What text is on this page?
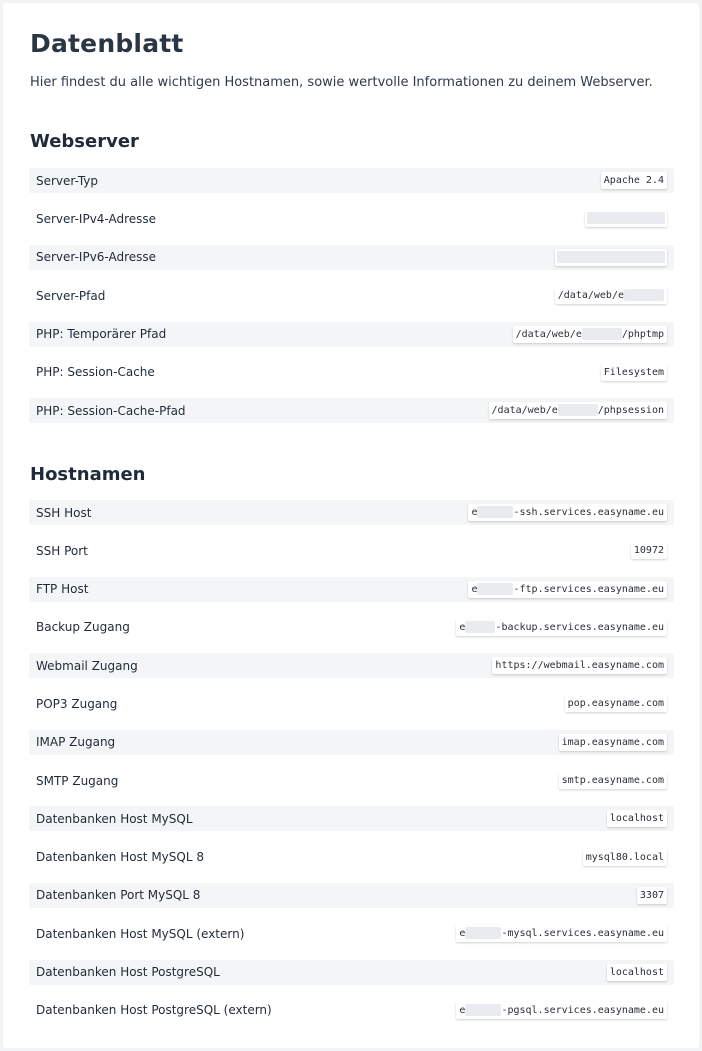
Datenblatt

Hier findest du alle wichtigen Hostnamen, sowie wertvolle Informationen zu deinem Webserver.

Webserver
Server-Typ	Apache 2.4
Server-IPv4-Adresse
Server-IPv6-Adresse
Server-Pfad	/data/web/e
PHP: Temporärer Pfad	/data/web/e	/phptmp
PHP: Session-Cache	Filesystem
PHP: Session-Cache-Pfad	/data/web/e	/phpsession
Hostnamen
SSH Host	e	-ssh.services.easyname.eu
SSH Port	10972
FTP Host	e	-ftp.services.easyname.eu
Backup Zugang	e	-backup.services.easyname.eu
Webmail Zugang	https://webmail.easyname.com
POP3 Zugang	pop.easyname.com
IMAP Zugang	imap.easyname.com
SMTP Zugang	smtp.easyname.com
Datenbanken Host MySQL	localhost
Datenbanken Host MySQL 8	mysql80.local
Datenbanken Port MySQL 8	3307
Datenbanken Host MySQL (extern)	e	-mysql.services.easyname.eu
Datenbanken Host PostgreSQL	localhost
Datenbanken Host PostgreSQL (extern)	e	-pgsql.services.easyname.eu
